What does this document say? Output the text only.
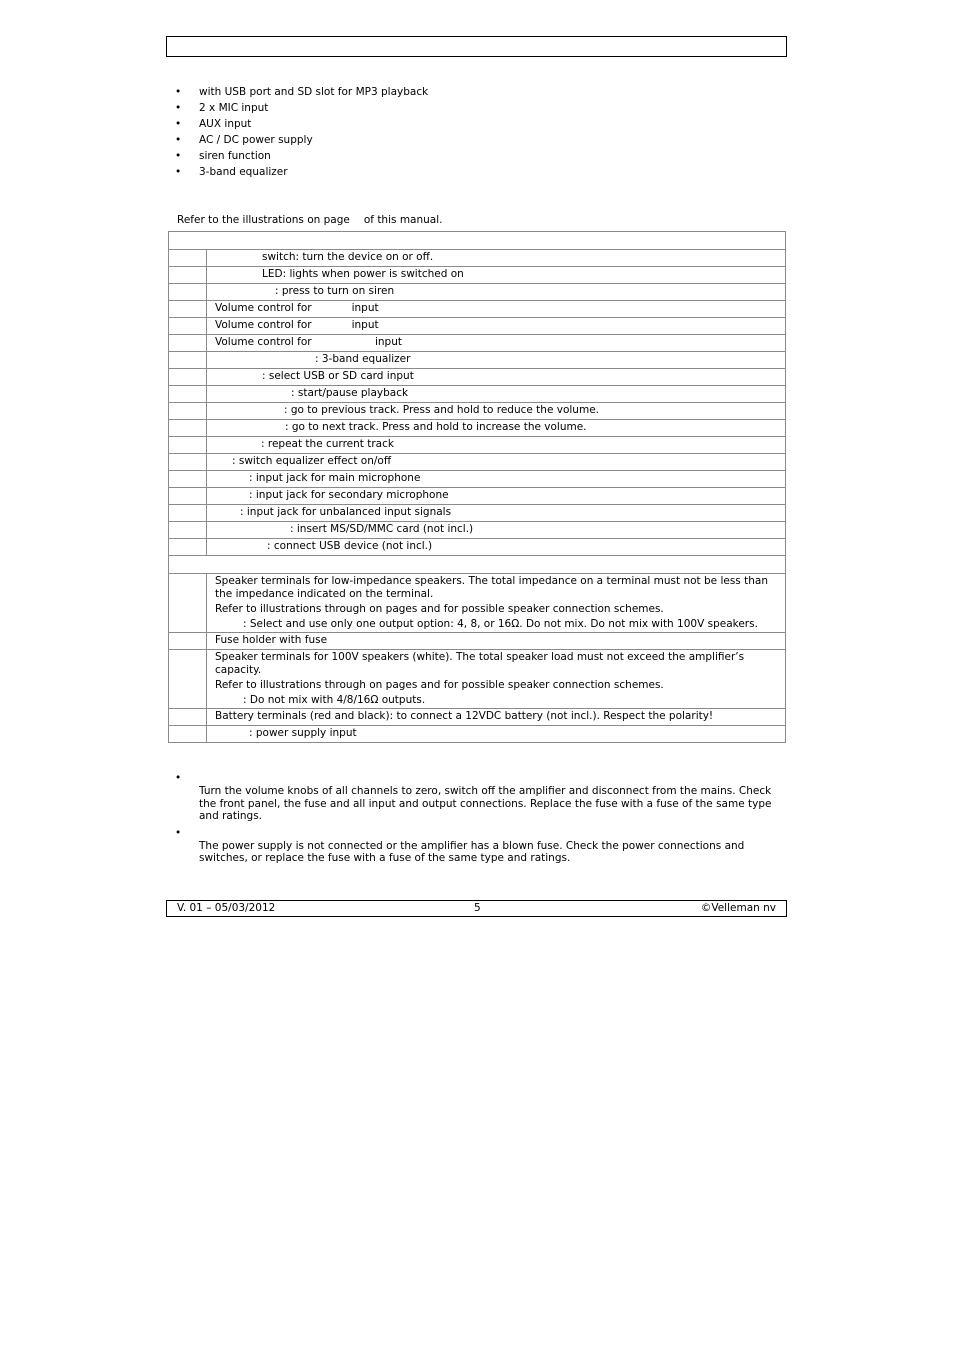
• with USB port and SD slot for MP3 playback
• 2 x MIC input
• AUX input
• AC / DC power supply
• siren function
• 3-band equalizer
Refer to the illustrations on page of this manual.

	switch: turn the device on or off.
	LED: lights when power is switched on
	: press to turn on siren
	Volume control for            input
	Volume control for            input
	Volume control for                   input
	: 3-band equalizer
	: select USB or SD card input
	: start/pause playback
	: go to previous track. Press and hold to reduce the volume.
	: go to next track. Press and hold to increase the volume.
	: repeat the current track
	: switch equalizer effect on/off
	: input jack for main microphone
	: input jack for secondary microphone
	: input jack for unbalanced input signals
	: insert MS/SD/MMC card (not incl.)
	: connect USB device (not incl.)

	Speaker terminals for low-impedance speakers. The total impedance on a terminal must not be less than the impedance indicated on the terminal.

Refer to illustrations through on pages and for possible speaker connection schemes.

: Select and use only one output option: 4, 8, or 16Ω. Do not mix. Do not mix with 100V speakers.

	Fuse holder with fuse

	Speaker terminals for 100V speakers (white). The total speaker load must not exceed the amplifier’s capacity.

Refer to illustrations through on pages and for possible speaker connection schemes.

: Do not mix with 4/8/16Ω outputs.

	Battery terminals (red and black): to connect a 12VDC battery (not incl.). Respect the polarity!
	: power supply input
• Turn the volume knobs of all channels to zero, switch off the amplifier and disconnect from the mains. Check the front panel, the fuse and all input and output connections. Replace the fuse with a fuse of the same type and ratings.
• The power supply is not connected or the amplifier has a blown fuse. Check the power connections and switches, or replace the fuse with a fuse of the same type and ratings.
V. 01 – 05/03/2012	5	©Velleman nv
